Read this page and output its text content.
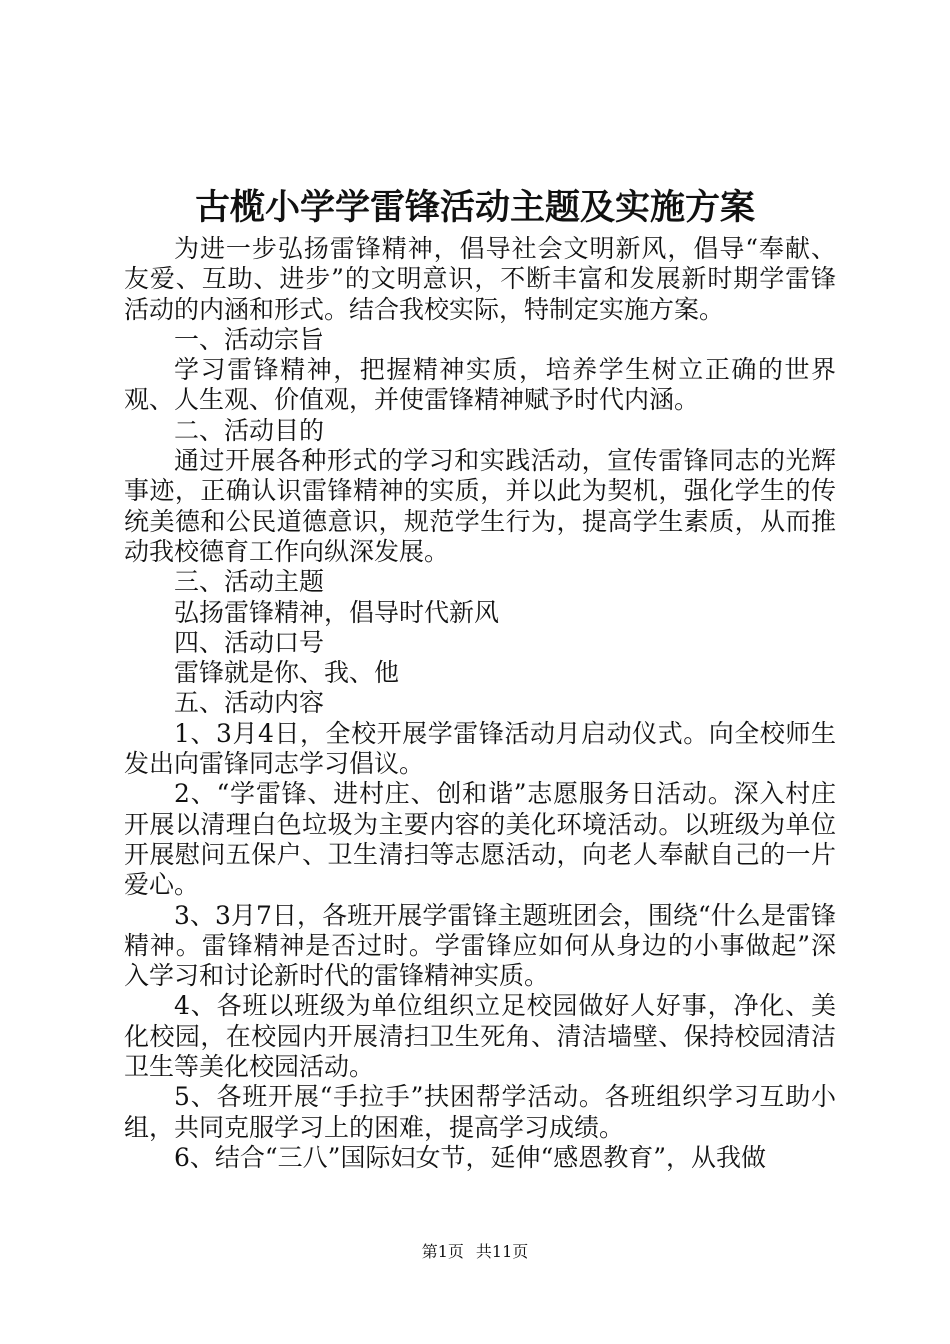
古榄小学学雷锋活动主题及实施方案

为进一步弘扬雷锋精神，倡导社会文明新风，倡导“奉献、友爱、互助、进步”的文明意识，不断丰富和发展新时期学雷锋活动的内涵和形式。结合我校实际，特制定实施方案。

一、活动宗旨

学习雷锋精神，把握精神实质，培养学生树立正确的世界观、人生观、价值观，并使雷锋精神赋予时代内涵。

二、活动目的

通过开展各种形式的学习和实践活动，宣传雷锋同志的光辉事迹，正确认识雷锋精神的实质，并以此为契机，强化学生的传统美德和公民道德意识，规范学生行为，提高学生素质，从而推动我校德育工作向纵深发展。

三、活动主题

弘扬雷锋精神，倡导时代新风

四、活动口号

雷锋就是你、我、他

五、活动内容

1、3月4日，全校开展学雷锋活动月启动仪式。向全校师生发出向雷锋同志学习倡议。

2、“学雷锋、进村庄、创和谐”志愿服务日活动。深入村庄开展以清理白色垃圾为主要内容的美化环境活动。以班级为单位开展慰问五保户、卫生清扫等志愿活动，向老人奉献自己的一片爱心。

3、3月7日，各班开展学雷锋主题班团会，围绕“什么是雷锋精神。雷锋精神是否过时。学雷锋应如何从身边的小事做起”深入学习和讨论新时代的雷锋精神实质。

4、各班以班级为单位组织立足校园做好人好事，净化、美化校园，在校园内开展清扫卫生死角、清洁墙壁、保持校园清洁卫生等美化校园活动。

5、各班开展“手拉手”扶困帮学活动。各班组织学习互助小组，共同克服学习上的困难，提高学习成绩。

6、结合“三八”国际妇女节，延伸“感恩教育”，从我做

第1页 共11页
